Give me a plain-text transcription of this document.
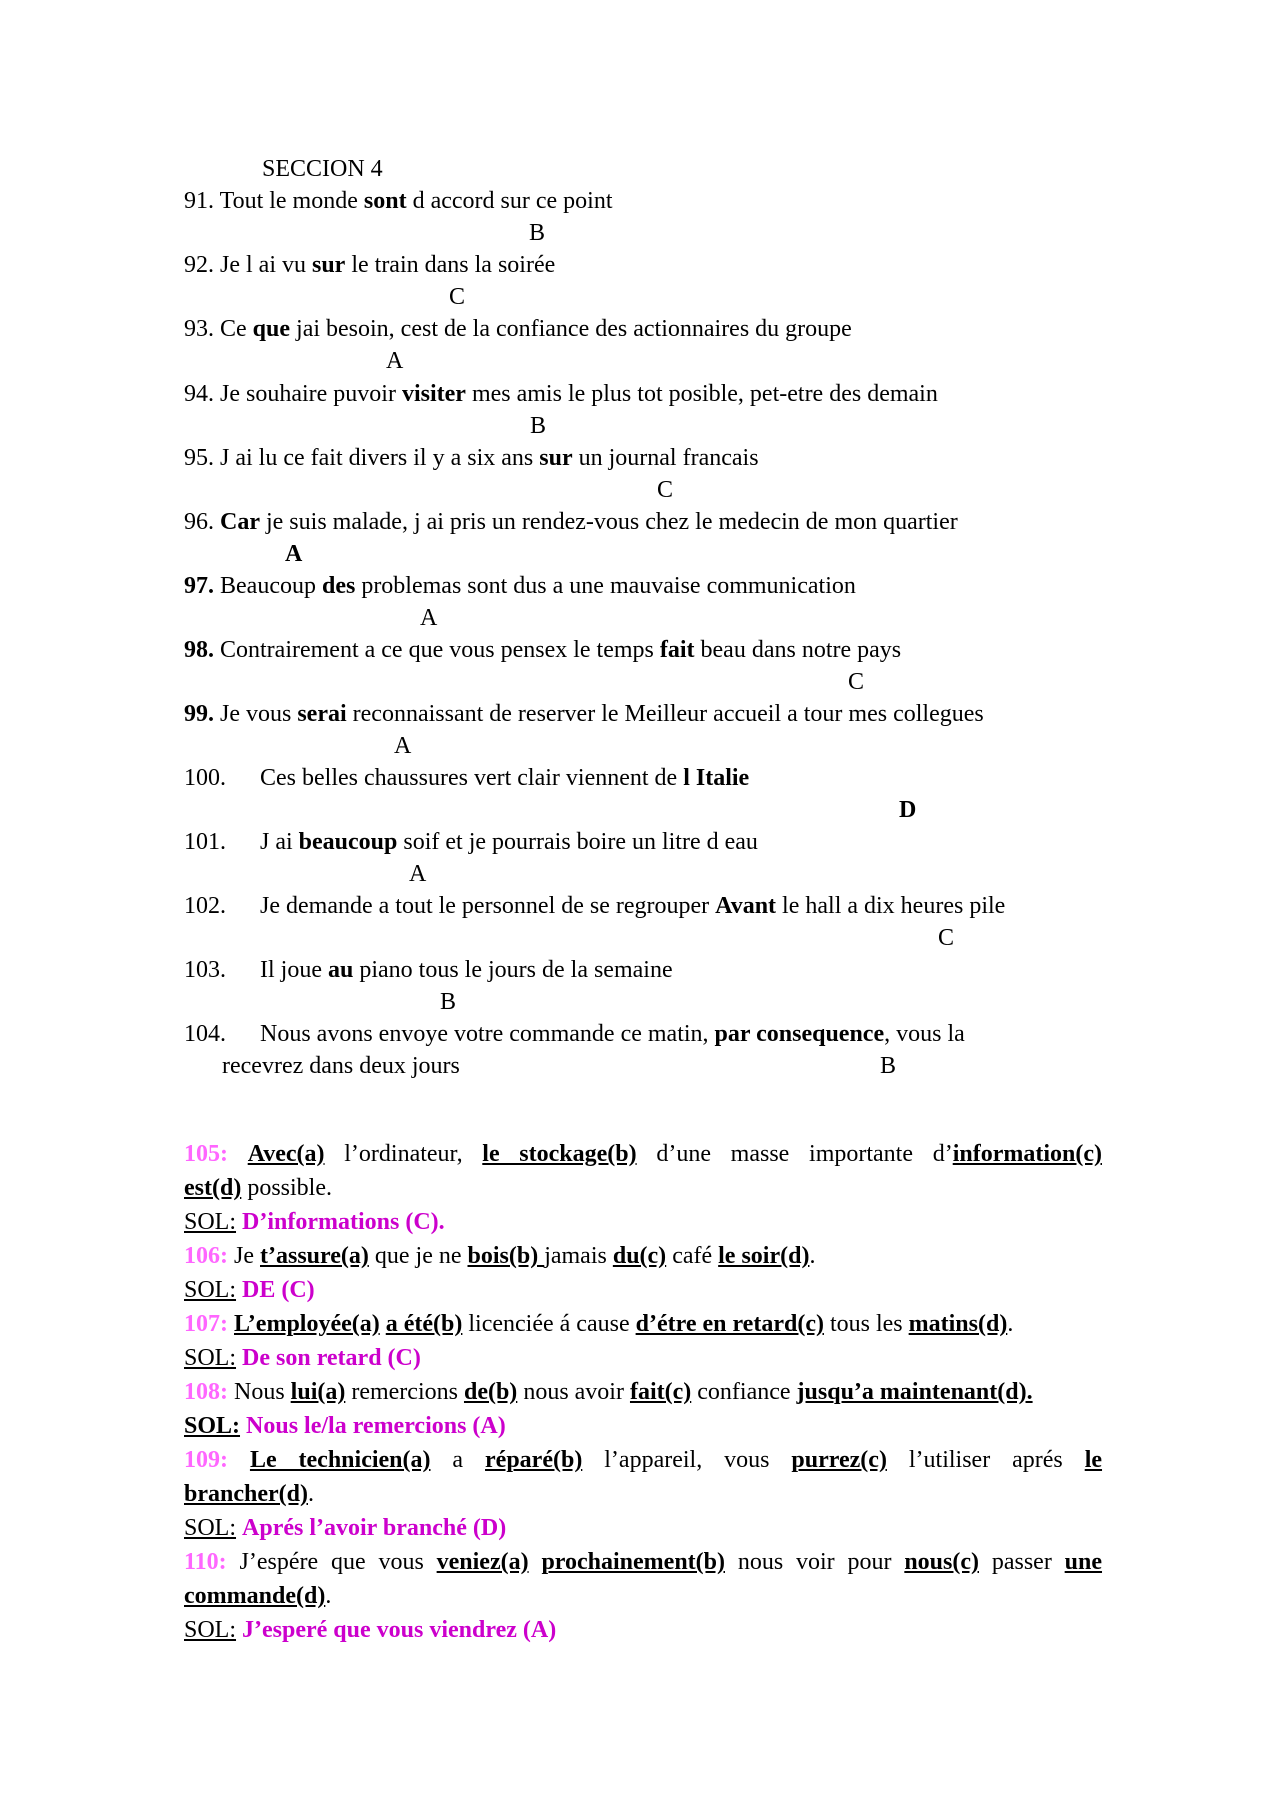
SECCION 4
91. Tout le monde sont d accord sur ce point
B
92. Je l ai vu sur le train dans la soirée
C
93. Ce que jai besoin, cest de la confiance des actionnaires du groupe
A
94. Je souhaire puvoir visiter mes amis le plus tot posible, pet-etre des demain
B
95. J ai lu ce fait divers il y a six ans sur un journal francais
C
96. Car je suis malade, j ai pris un rendez-vous chez le medecin de mon quartier
A
97. Beaucoup des problemas sont dus a une mauvaise communication
A
98. Contrairement a ce que vous pensex le temps fait beau dans notre pays
C
99. Je vous serai reconnaissant de reserver le Meilleur accueil a tour mes collegues
A
100. Ces belles chaussures vert clair viennent de l Italie
D
101. J ai beaucoup soif et je pourrais boire un litre d eau
A
102. Je demande a tout le personnel de se regrouper Avant le hall a dix heures pile
C
103. Il joue au piano tous le jours de la semaine
B
104. Nous avons envoye votre commande ce matin, par consequence, vous la
recevrez dans deux jours	B
105: Avec(a) l’ordinateur, le stockage(b) d’une masse importante d’information(c)
est(d) possible.
SOL: D’informations (C).
106: Je t’assure(a) que je ne bois(b) jamais du(c) café le soir(d).
SOL: DE (C)
107: L’employée(a) a été(b) licenciée á cause d’étre en retard(c) tous les matins(d).
SOL: De son retard (C)
108: Nous lui(a) remercions de(b) nous avoir fait(c) confiance jusqu’a maintenant(d).
SOL: Nous le/la remercions (A)
109: Le technicien(a) a réparé(b) l’appareil, vous purrez(c) l’utiliser aprés le
brancher(d).
SOL: Aprés l’avoir branché (D)
110: J’espére que vous veniez(a) prochainement(b) nous voir pour nous(c) passer une
commande(d).
SOL: J’esperé que vous viendrez (A)
